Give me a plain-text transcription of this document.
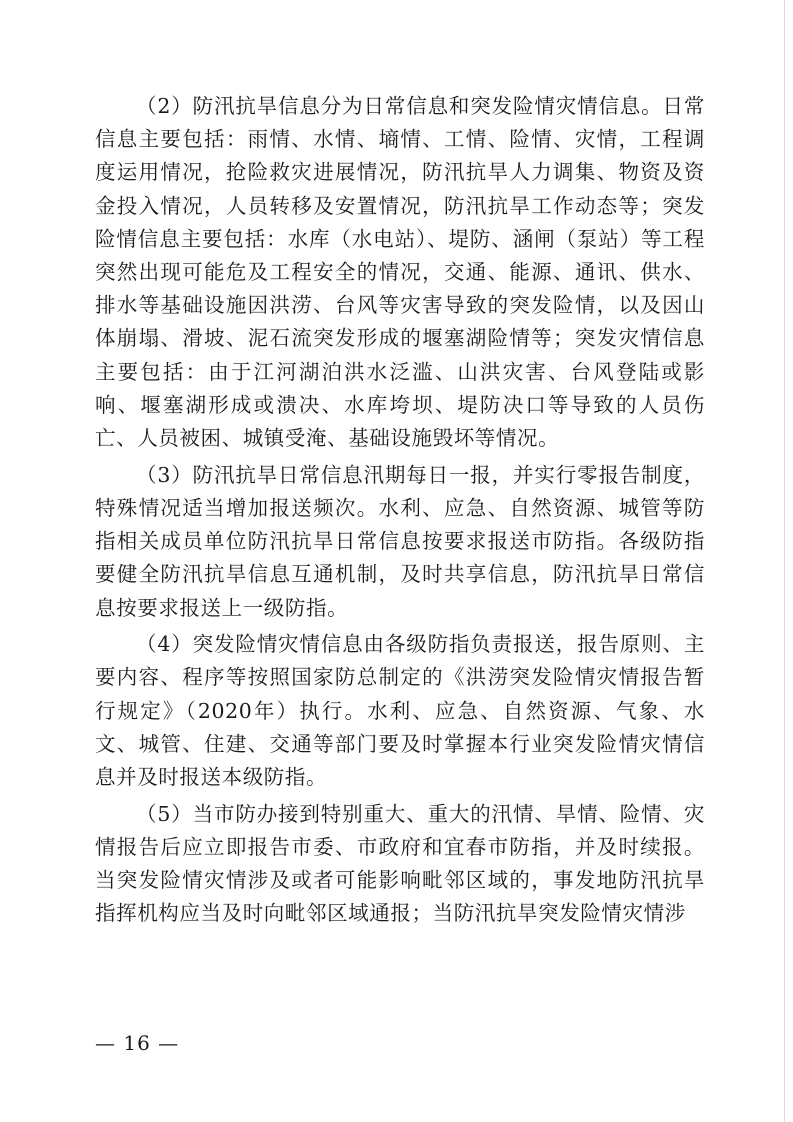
（2）防汛抗旱信息分为日常信息和突发险情灾情信息。日常信息主要包括：雨情、水情、墒情、工情、险情、灾情，工程调度运用情况，抢险救灾进展情况，防汛抗旱人力调集、物资及资金投入情况，人员转移及安置情况，防汛抗旱工作动态等；突发险情信息主要包括：水库（水电站）、堤防、涵闸（泵站）等工程突然出现可能危及工程安全的情况，交通、能源、通讯、供水、排水等基础设施因洪涝、台风等灾害导致的突发险情，以及因山体崩塌、滑坡、泥石流突发形成的堰塞湖险情等；突发灾情信息主要包括：由于江河湖泊洪水泛滥、山洪灾害、台风登陆或影响、堰塞湖形成或溃决、水库垮坝、堤防决口等导致的人员伤亡、人员被困、城镇受淹、基础设施毁坏等情况。

（3）防汛抗旱日常信息汛期每日一报，并实行零报告制度，特殊情况适当增加报送频次。水利、应急、自然资源、城管等防指相关成员单位防汛抗旱日常信息按要求报送市防指。各级防指要健全防汛抗旱信息互通机制，及时共享信息，防汛抗旱日常信息按要求报送上一级防指。

（4）突发险情灾情信息由各级防指负责报送，报告原则、主要内容、程序等按照国家防总制定的《洪涝突发险情灾情报告暂行规定》（2020年）执行。水利、应急、自然资源、气象、水文、城管、住建、交通等部门要及时掌握本行业突发险情灾情信息并及时报送本级防指。

（5）当市防办接到特别重大、重大的汛情、旱情、险情、灾情报告后应立即报告市委、市政府和宜春市防指，并及时续报。当突发险情灾情涉及或者可能影响毗邻区域的，事发地防汛抗旱指挥机构应当及时向毗邻区域通报；当防汛抗旱突发险情灾情涉

— 16 —
